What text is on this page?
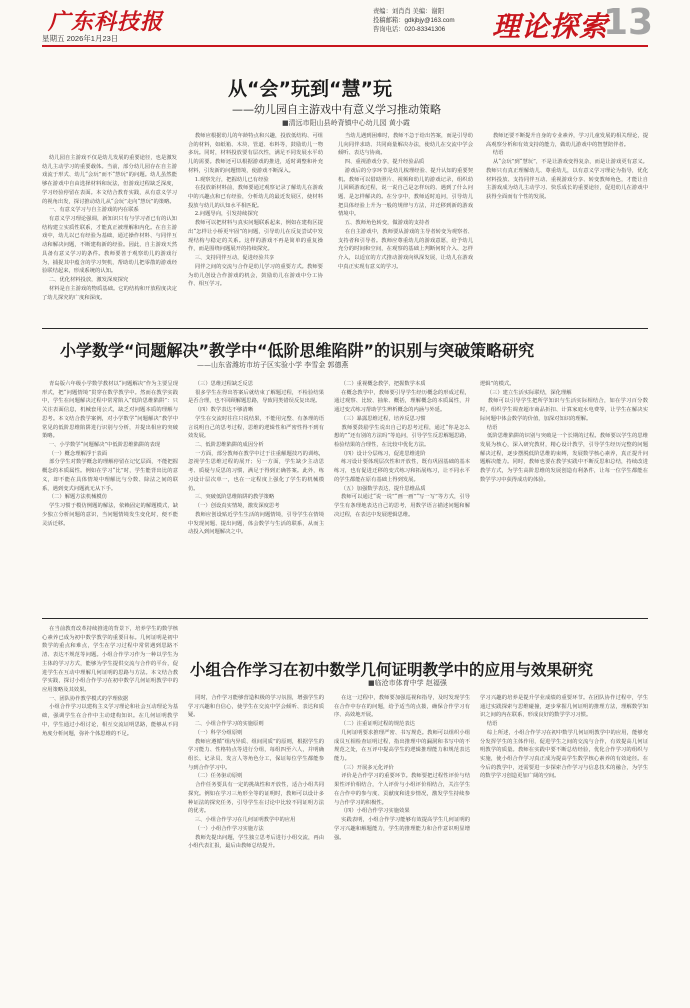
广东科技报
星期五 2026年1月23日
责编：刘肖肖 美编：谢阳
投稿邮箱：gdkjbjy@163.com
咨询电话：020-83341306 理论探索
13
从“会”玩到“慧”玩
——幼儿园自主游戏中有意义学习推动策略
■清远市阳山县岭背镇中心幼儿园 黄小霞
幼儿园自主游戏不仅是幼儿发展的重要途径，也是激发幼儿主动学习的重要载体。当前，部分幼儿园存在自主游戏流于形式、幼儿“会玩”而不“慧玩”的问题。幼儿虽然能够在游戏中自由选择材料和玩法，但游戏过程缺乏深度，学习经验停留在表面。本文结合教育实践，从有意义学习的视角出发，探讨推动幼儿从“会玩”走向“慧玩”的策略。
一、有意义学习与自主游戏的内在联系
有意义学习理论强调，新知识只有与学习者已有的认知结构建立实质性联系，才能真正被理解和内化。在自主游戏中，幼儿以已有经验为基础，通过操作材料、与同伴互动和解决问题，不断建构新的经验。因此，自主游戏天然具备有意义学习的条件。教师要善于观察幼儿的游戏行为，捕捉其中蕴含的学习契机，帮助幼儿把零散的游戏经验联结起来，形成系统的认知。
二、优化材料投放，激发深度探究
材料是自主游戏的物质基础。它的结构和开放程度决定了幼儿探究的广度和深度。
教师应根据幼儿的年龄特点和兴趣，投放低结构、可组合的材料，如纸箱、木块、管道、布料等，鼓励幼儿一物多玩。同时，材料投放要有层次性，满足不同发展水平幼儿的需要。教师还可以根据游戏的推进，适时调整和补充材料，引发新的问题情境，使游戏不断深入。
1.观察先行，把握幼儿已有经验
在投放新材料前，教师要通过观察记录了解幼儿在游戏中的兴趣点和已有经验，分析幼儿的最近发展区，使材料投放与幼儿的认知水平相匹配。
2.问题导向，引发持续探究
教师可以把材料与真实问题联系起来，例如在建构区提出“怎样让小桥更牢固”的问题，引导幼儿在反复尝试中发现结构与稳定的关系。这样的游戏不再是简单的重复操作，而是围绕问题展开的持续探究。
三、支持同伴互动，促进经验共享
同伴之间的交流与合作是幼儿学习的重要方式。教师要为幼儿创设合作游戏的机会，鼓励幼儿在游戏中分工协作、相互学习。
当幼儿遇到困难时，教师不急于给出答案，而是引导幼儿向同伴求助、共同商量解决办法，使幼儿在交流中学会倾听、表达与协商。
四、重视游戏分享，提升经验品质
游戏后的分享环节是幼儿梳理经验、提升认知的重要契机。教师可以借助照片、视频和幼儿的游戏记录，组织幼儿回顾游戏过程，说一说自己是怎样玩的、遇到了什么问题、是怎样解决的。在分享中，教师适时追问，引导幼儿把具体经验上升为一般的规律与方法，并迁移到新的游戏情境中。
五、教师角色转变，做游戏的支持者
在自主游戏中，教师要从游戏的主导者转变为观察者、支持者和引导者。教师应尊重幼儿的游戏意愿，给予幼儿充分的时间和空间，在观察的基础上判断何时介入、怎样介入，以适宜的方式推动游戏向纵深发展，让幼儿在游戏中真正实现有意义的学习。
教师还要不断提升自身的专业素养，学习儿童发展的相关理论，提高观察分析和有效支持的能力，做幼儿游戏中的智慧陪伴者。
结语
从“会玩”到“慧玩”，不是让游戏变得复杂，而是让游戏更有意义。教师只有真正理解幼儿、尊重幼儿，以有意义学习理论为指导，优化材料投放、支持同伴互动、重视游戏分享、转变教师角色，才能让自主游戏成为幼儿主动学习、快乐成长的重要途径，促进幼儿在游戏中获得全面而有个性的发展。
小学数学“问题解决”教学中“低阶思维陷阱”的识别与突破策略研究
——山东省潍坊市坊子区实验小学 李雪金 郭德燕
青岛版六年级小学数学教材以“问题解决”作为主要呈现形式，把“问题情境”贯穿在数学教学中。然而在教学实践中，学生在问题解决过程中常常陷入“低阶思维陷阱”：只关注表面信息，机械套用公式，缺乏对问题本质的理解与思考。本文结合教学案例，对小学数学“问题解决”教学中常见的低阶思维陷阱进行识别与分析，并提出相应的突破策略。
一、小学数学“问题解决”中低阶思维陷阱的表现
（一）概念理解浮于表面
部分学生对数学概念的理解停留在记忆层面，不能把握概念的本质属性。例如在学习“比”时，学生能背出比的意义，却不能在具体情境中理解比与分数、除法之间的联系，遇到变式问题就无从下手。
（二）解题方法机械模仿
学生习惯于模仿例题的解法，依赖固定的解题模式，缺少独立分析问题的意识，当问题情境发生变化时，便不能灵活迁移。
（三）思维过程缺乏反思
很多学生在得出答案后就结束了解题过程，不检验结果是否合理，也不回顾解题思路，导致同类错误反复出现。
（四）数学表达不够清晰
学生在交流时往往只说结果，不能用完整、有条理的语言说明自己的思考过程，思维的逻辑性和严密性得不到有效发展。
二、低阶思维陷阱的成因分析
一方面，部分教师在教学中过于注重解题技巧的训练，忽视学生思维过程的展开；另一方面，学生缺少主动思考、质疑与反思的习惯，满足于得到正确答案。此外，练习设计层次单一，也在一定程度上强化了学生的机械模仿。
三、突破低阶思维陷阱的教学策略
（一）创设真实情境，激发深度思考
教师应创设贴近学生生活的问题情境，引导学生在情境中发现问题、提出问题，体会数学与生活的联系，从而主动投入到问题解决之中。
（二）重视概念教学，把握数学本质
在概念教学中，教师要引导学生经历概念的形成过程，通过观察、比较、抽象、概括，理解概念的本质属性，并通过变式练习帮助学生辨析概念的内涵与外延。
（三）暴露思维过程，培养反思习惯
教师要鼓励学生说出自己的思考过程，通过“你是怎么想的”“还有别的方法吗”等追问，引导学生反思解题思路，检验结果的合理性，在比较中优化方法。
（四）设计分层练习，促进思维进阶
练习设计要体现层次性和开放性，既有巩固基础的基本练习，也有促进迁移的变式练习和拓展练习，让不同水平的学生都能在原有基础上得到发展。
（五）加强数学表达，提升思维品质
教师可以通过“说一说”“画一画”“写一写”等方式，引导学生有条理地表达自己的思考，用数学语言描述问题和解决过程，在表达中发展逻辑思维。
逻辑”的模式。
（三）建立生活实际联结，深化理解
教师可以引导学生把所学知识与生活实际相结合，如在学习百分数时，组织学生调查超市商品折扣、计算家庭水电费等，让学生在解决实际问题中体会数学的价值，加深对知识的理解。
结语
低阶思维陷阱的识别与突破是一个长期的过程。教师要以学生的思维发展为核心，深入研究教材，精心设计教学，引导学生经历完整的问题解决过程，逐步摆脱低阶思维的束缚，发展数学核心素养，真正提升问题解决能力。同时，教师也要在教学实践中不断反思和总结，持续改进教学方式，为学生高阶思维的发展创造有利条件，让每一位学生都能在数学学习中获得成功的体验。
在当前教育改革持续推进的背景下，培养学生的数学核心素养已成为初中数学教学的重要目标。几何证明是初中数学的重点和难点，学生在学习过程中常常遇到思路不清、表达不规范等问题。小组合作学习作为一种以学生为主体的学习方式，能够为学生提供交流与合作的平台，促进学生在互动中理解几何证明的思路与方法。本文结合教学实践，探讨小组合作学习在初中数学几何证明教学中的应用策略及其效果。
一、团队协作教学模式的学理依据
小组合作学习以建构主义学习理论和社会互动理论为基础，强调学生在合作中主动建构知识。在几何证明教学中，学生通过小组讨论，相互交流证明思路，能够从不同角度分析问题，弥补个体思维的不足。
小组合作学习在初中数学几何证明教学中的应用与效果研究
■临沧市体育中学 赵福强
同时，合作学习能够营造积极的学习氛围，增强学生的学习兴趣和自信心，使学生在交流中学会倾听、表达和质疑。
二、小组合作学习的实施原则
（一）科学分组原则
教师应遵循“组内异质、组间同质”的原则，根据学生的学习能力、性格特点等进行分组，每组四至六人，并明确组长、记录员、发言人等角色分工，保证每位学生都能参与到合作学习中。
（二）任务驱动原则
合作任务要具有一定的挑战性和开放性，适合小组共同探究。例如在学习三角形全等的证明时，教师可以设计多种证法的探究任务，引导学生在讨论中比较不同证明方法的优劣。
三、小组合作学习在几何证明教学中的应用
（一）小组合作学习实施方法
教师先提出问题，学生独立思考后进行小组交流，再由小组代表汇报，最后由教师总结提升。
在这一过程中，教师要加强巡视和指导，及时发现学生在合作中存在的问题，给予适当的点拨，确保合作学习有序、高效地开展。
（二）注重证明过程的规范表达
几何证明要求推理严密、书写规范。教师可以组织小组成员互相检查证明过程，指出推理中的漏洞和书写中的不规范之处，在互评中提高学生的逻辑推理能力和规范表达能力。
（三）开展多元化评价
评价是合作学习的重要环节。教师要把过程性评价与结果性评价相结合，个人评价与小组评价相结合，关注学生在合作中的参与度、贡献度和进步情况，激发学生持续参与合作学习的积极性。
（四）小组合作学习实施效果
实践表明，小组合作学习能够有效提高学生几何证明的学习兴趣和解题能力，学生的推理能力和合作意识明显增强。
学习兴趣的培养是提升学业成绩的重要环节。在团队协作过程中，学生通过实践探索与思维碰撞，逐步掌握几何证明的推理方法，理解数学知识之间的内在联系，形成良好的数学学习习惯。
结语
综上所述，小组合作学习在初中数学几何证明教学中的应用，能够充分发挥学生的主体作用，促进学生之间的交流与合作，有效提高几何证明教学的质量。教师在实践中要不断总结经验，优化合作学习的组织与实施，使小组合作学习真正成为提高学生数学核心素养的有效途径。在今后的教学中，还需要进一步探索合作学习与信息技术的融合，为学生的数学学习创造更加广阔的空间。
